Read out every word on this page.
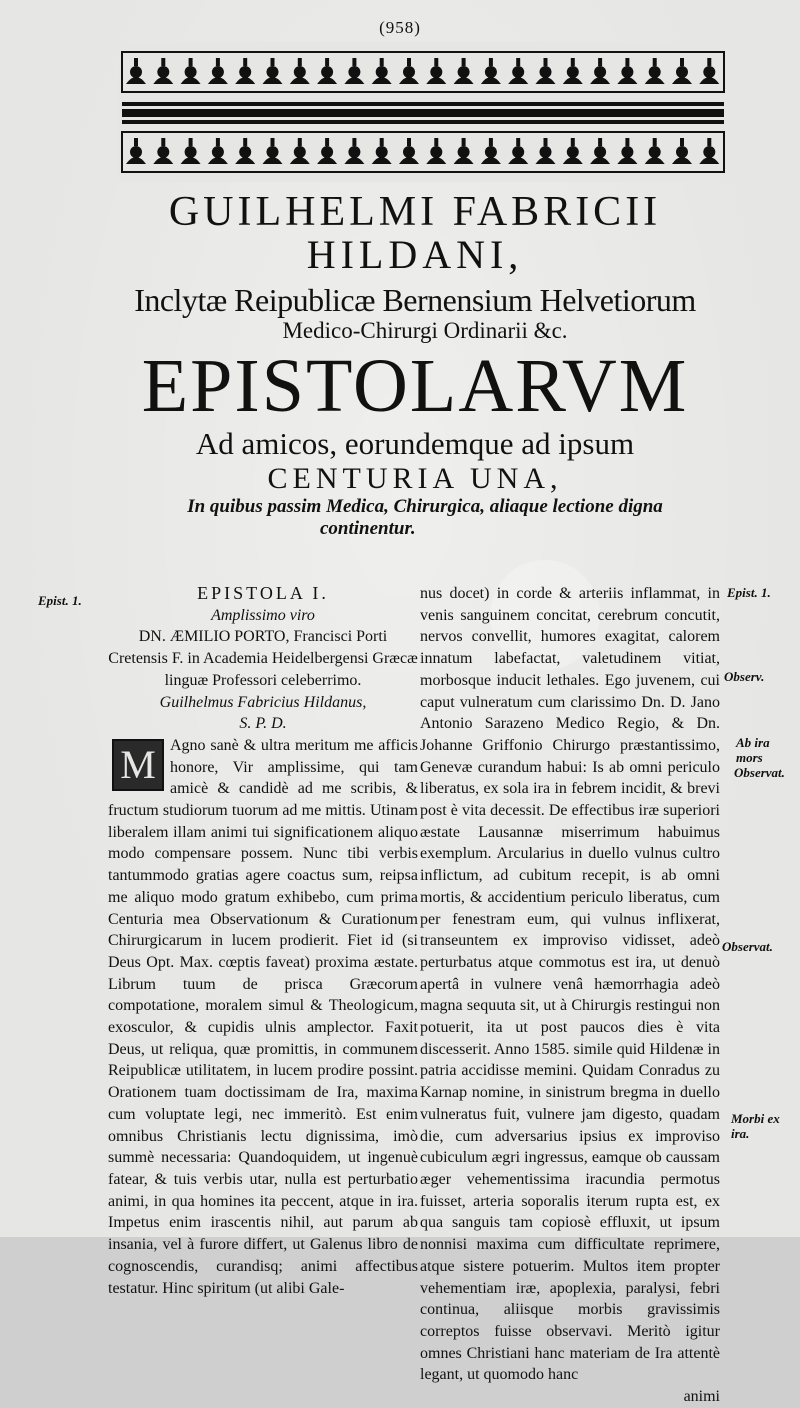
(958)
GUILHELMI FABRICII
HILDANI,
Inclytæ Reipublicæ Bernensium Helvetiorum
Medico-Chirurgi Ordinarii &c.
EPISTOLARVM
Ad amicos, eorundemque ad ipsum
CENTURIA UNA,
In quibus passim Medica, Chirurgica, aliaque lectione digna
continentur.
Epist. 1.
Epist. 1.
Observ.
Ab ira
mors
Observat.
Observat.
Morbi ex
ira.
EPISTOLA I.
Amplissimo viro
DN. ÆMILIO PORTO, Francisci Porti Cretensis F. in Academia Heidelbergensi Græcæ linguæ Professori celeberrimo.
Guilhelmus Fabricius Hildanus,
S. P. D.
M Agno sanè & ultra meritum me afficis honore, Vir amplissime, qui tam amicè & candidè ad me scribis, & fructum studiorum tuorum ad me mittis. Utinam liberalem illam animi tui significationem aliquo modo compensare possem. Nunc tibi verbis tantummodo gratias agere coactus sum, reipsa me aliquo modo gratum exhibebo, cum prima Centuria mea Observationum & Curationum Chirurgicarum in lucem prodierit. Fiet id (si Deus Opt. Max. cœptis faveat) proxima æstate. Librum tuum de prisca Græcorum compotatione, moralem simul & Theologicum, exosculor, & cupidis ulnis amplector. Faxit Deus, ut reliqua, quæ promittis, in communem Reipublicæ utilitatem, in lucem prodire possint. Orationem tuam doctissimam de Ira, maxima cum voluptate legi, nec immeritò. Est enim omnibus Christianis lectu dignissima, imò summè necessaria: Quandoquidem, ut ingenuè fatear, & tuis verbis utar, nulla est perturbatio animi, in qua homines ita peccent, atque in ira. Impetus enim irascentis nihil, aut parum ab insania, vel à furore differt, ut Galenus libro de cognoscendis, curandisq; animi affectibus testatur. Hinc spiritum (ut alibi Gale-
nus docet) in corde & arteriis inflammat, in venis sanguinem concitat, cerebrum concutit, nervos convellit, humores exagitat, calorem innatum labefactat, valetudinem vitiat, morbosque inducit lethales. Ego juvenem, cui caput vulneratum cum clarissimo Dn. D. Jano Antonio Sarazeno Medico Regio, & Dn. Johanne Griffonio Chirurgo præstantissimo, Genevæ curandum habui: Is ab omni periculo liberatus, ex sola ira in febrem incidit, & brevi post è vita decessit. De effectibus iræ superiori æstate Lausannæ miserrimum habuimus exemplum. Arcularius in duello vulnus cultro inflictum, ad cubitum recepit, is ab omni mortis, & accidentium periculo liberatus, cum per fenestram eum, qui vulnus inflixerat, transeuntem ex improviso vidisset, adeò perturbatus atque commotus est ira, ut denuò apertâ in vulnere venâ hæmorrhagia adeò magna sequuta sit, ut à Chirurgis restingui non potuerit, ita ut post paucos dies è vita discesserit. Anno 1585. simile quid Hildenæ in patria accidisse memini. Quidam Conradus zu Karnap nomine, in sinistrum bregma in duello vulneratus fuit, vulnere jam digesto, quadam die, cum adversarius ipsius ex improviso cubiculum ægri ingressus, eamque ob caussam æger vehementissima iracundia permotus fuisset, arteria soporalis iterum rupta est, ex qua sanguis tam copiosè effluxit, ut ipsum nonnisi maxima cum difficultate reprimere, atque sistere potuerim. Multos item propter vehementiam iræ, apoplexia, paralysi, febri continua, aliisque morbis gravissimis correptos fuisse observavi. Meritò igitur omnes Christiani hanc materiam de Ira attentè legant, ut quomodo hanc
animi
